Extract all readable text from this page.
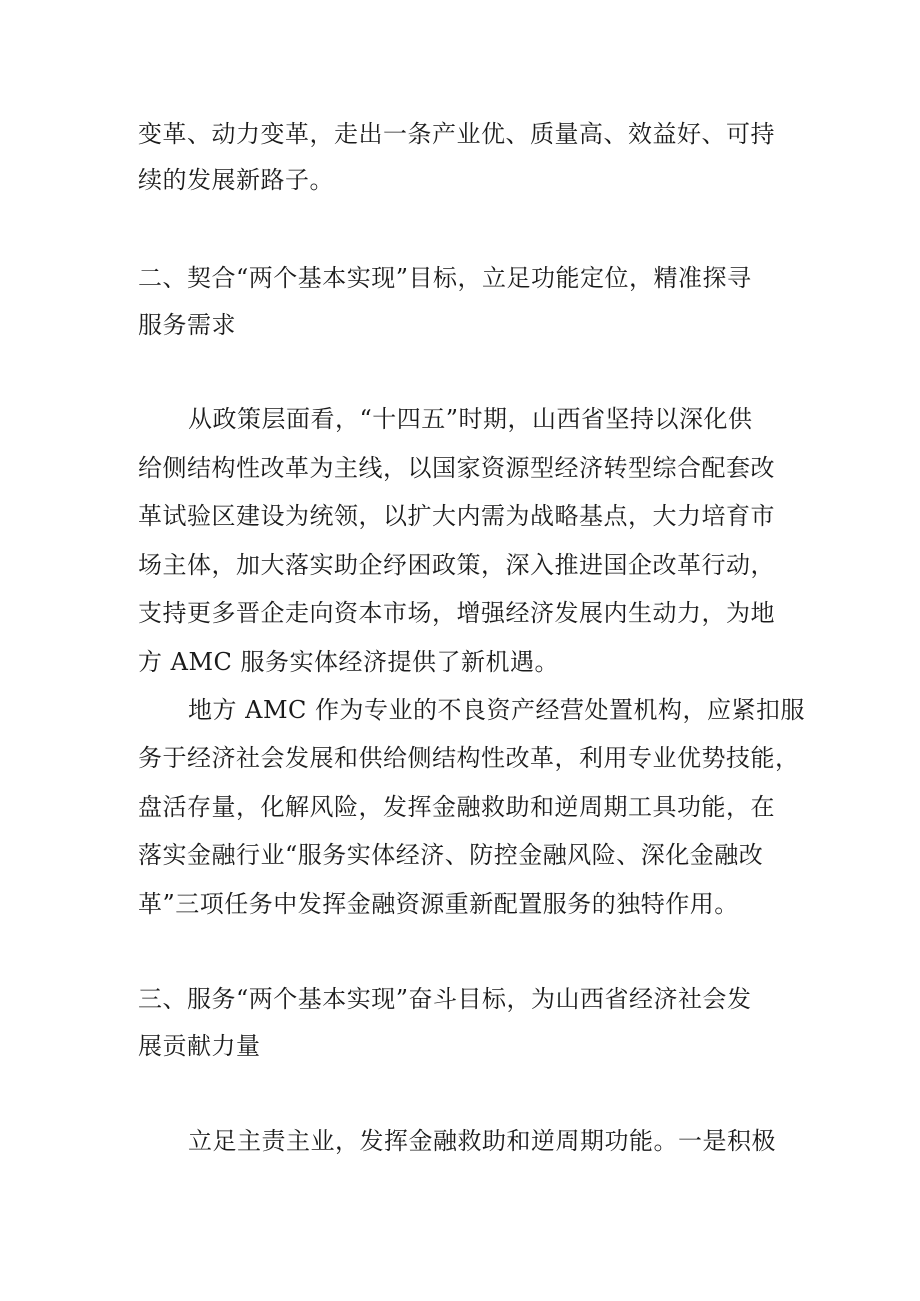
变革、动力变革，走出一条产业优、质量高、效益好、可持
续的发展新路子。
二、契合“两个基本实现”目标，立足功能定位，精准探寻
服务需求
从政策层面看，“十四五”时期，山西省坚持以深化供
给侧结构性改革为主线，以国家资源型经济转型综合配套改
革试验区建设为统领，以扩大内需为战略基点，大力培育市
场主体，加大落实助企纾困政策，深入推进国企改革行动，
支持更多晋企走向资本市场，增强经济发展内生动力，为地
方 AMC 服务实体经济提供了新机遇。
地方 AMC 作为专业的不良资产经营处置机构，应紧扣服
务于经济社会发展和供给侧结构性改革，利用专业优势技能，
盘活存量，化解风险，发挥金融救助和逆周期工具功能，在
落实金融行业“服务实体经济、防控金融风险、深化金融改
革”三项任务中发挥金融资源重新配置服务的独特作用。
三、服务“两个基本实现”奋斗目标，为山西省经济社会发
展贡献力量
立足主责主业，发挥金融救助和逆周期功能。一是积极
